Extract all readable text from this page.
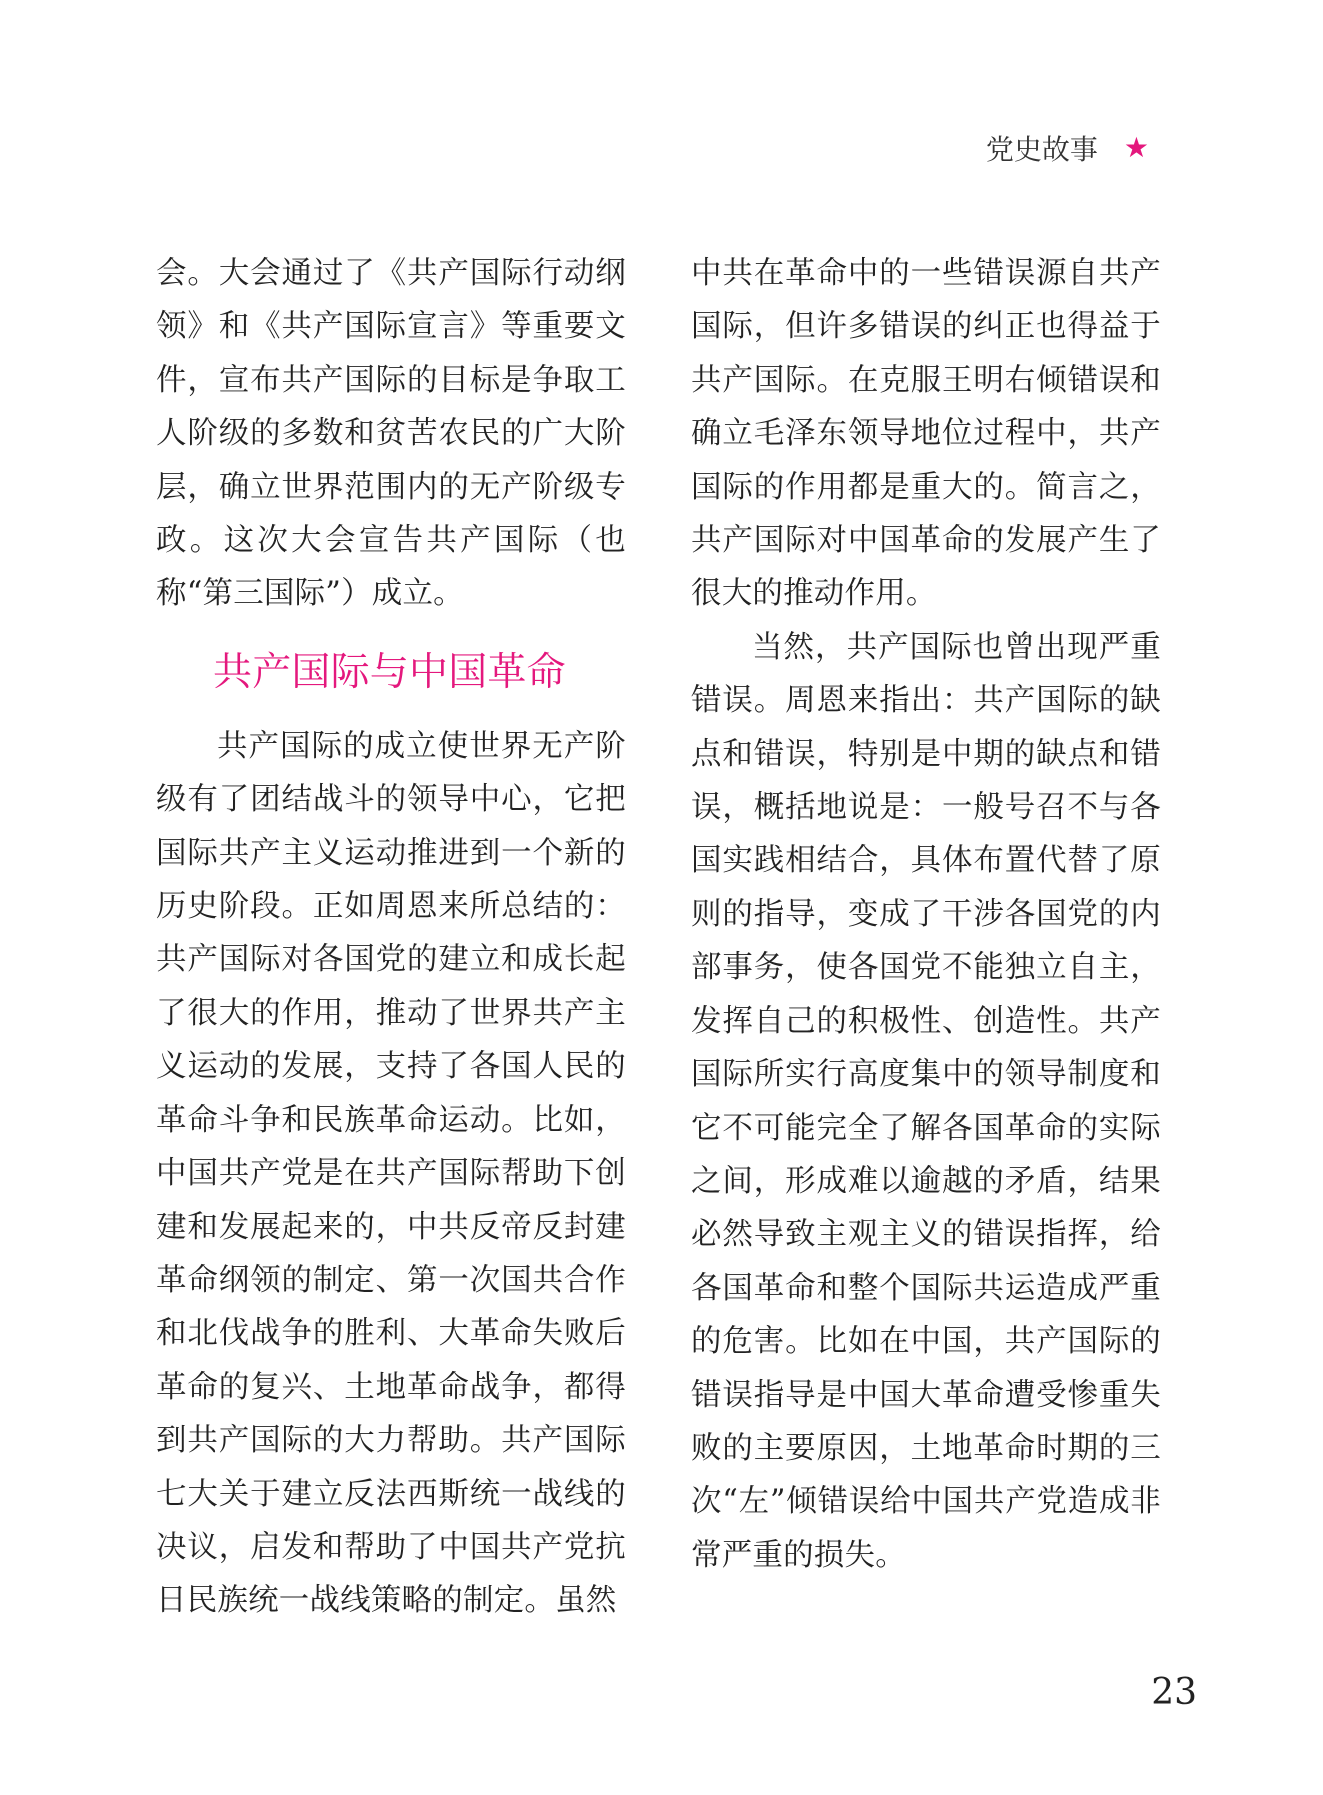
党史故事 ★

会。大会通过了《共产国际行动纲领》和《共产国际宣言》等重要文件，宣布共产国际的目标是争取工人阶级的多数和贫苦农民的广大阶层，确立世界范围内的无产阶级专政。这次大会宣告共产国际（也称“第三国际”）成立。

共产国际与中国革命

共产国际的成立使世界无产阶级有了团结战斗的领导中心，它把国际共产主义运动推进到一个新的历史阶段。正如周恩来所总结的：共产国际对各国党的建立和成长起了很大的作用，推动了世界共产主义运动的发展，支持了各国人民的革命斗争和民族革命运动。比如，中国共产党是在共产国际帮助下创建和发展起来的，中共反帝反封建革命纲领的制定、第一次国共合作和北伐战争的胜利、大革命失败后革命的复兴、土地革命战争，都得到共产国际的大力帮助。共产国际七大关于建立反法西斯统一战线的决议，启发和帮助了中国共产党抗日民族统一战线策略的制定。虽然

中共在革命中的一些错误源自共产国际，但许多错误的纠正也得益于共产国际。在克服王明右倾错误和确立毛泽东领导地位过程中，共产国际的作用都是重大的。简言之，共产国际对中国革命的发展产生了很大的推动作用。

当然，共产国际也曾出现严重错误。周恩来指出：共产国际的缺点和错误，特别是中期的缺点和错误，概括地说是：一般号召不与各国实践相结合，具体布置代替了原则的指导，变成了干涉各国党的内部事务，使各国党不能独立自主，发挥自己的积极性、创造性。共产国际所实行高度集中的领导制度和它不可能完全了解各国革命的实际之间，形成难以逾越的矛盾，结果必然导致主观主义的错误指挥，给各国革命和整个国际共运造成严重的危害。比如在中国，共产国际的错误指导是中国大革命遭受惨重失败的主要原因，土地革命时期的三次“左”倾错误给中国共产党造成非常严重的损失。

23
